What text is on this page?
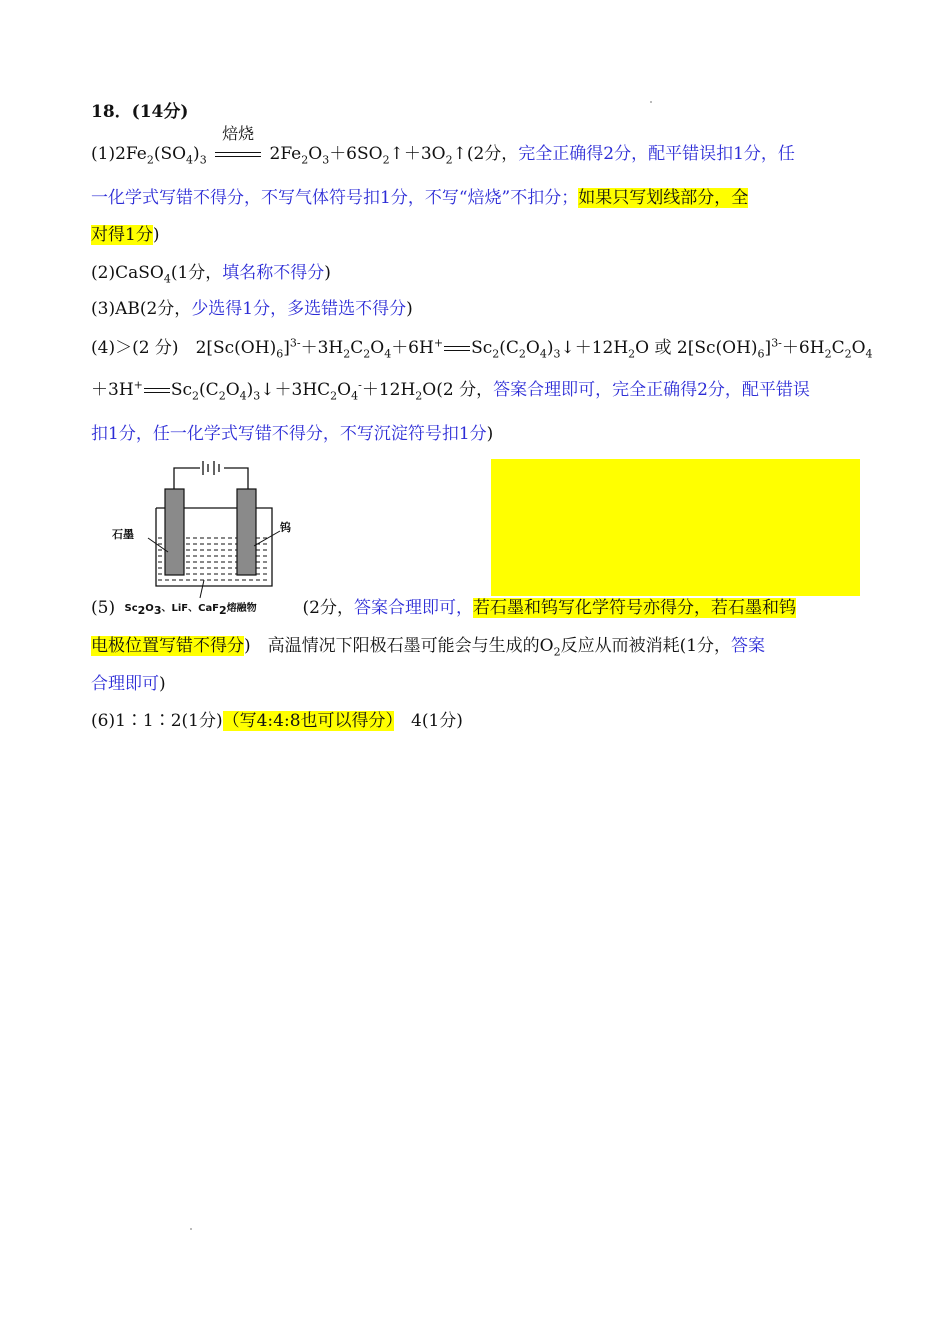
18．(14分)
$(1)2Fe_2(SO_4)_3$
焙烧
$2Fe_2O_3+6SO_2↑+3O_2↑(2$分，完全正确得2分，配平错误扣1分，任
一化学式写错不得分，不写气体符号扣1分，不写“焙烧”不扣分；如果只写划线部分，全
对得1分)
(2)CaSO$_4$(1分，填名称不得分)
(3)AB(2分，少选得1分，多选错选不得分)
(4)＞(2 分)　$2[Sc(OH)_6]^{3-}+3H_2C_2O_4+6H^+$ $Sc_2(C_2O_4)_3↓+12H_2O$ 或 $2[Sc(OH)_6]^{3-}+6H_2C_2O_4$
＋3H+ $Sc_2(C_2O_4)_3↓+3HC_2O_4^-+12H_2O(2$ 分，答案合理即可，完全正确得2分，配平错误
扣1分，任一化学式写错不得分，不写沉淀符号扣1分)
石墨
钨
(5) $Sc_2O_3$、LiF、CaF$_2$熔融物	(2分，答案合理即可，若石墨和钨写化学符号亦得分，若石墨和钨
电极位置写错不得分)　高温情况下阳极石墨可能会与生成的$O_2$反应从而被消耗(1分，答案
合理即可)
(6)1∶1∶2(1分)（写4:4:8也可以得分）　4(1分)
